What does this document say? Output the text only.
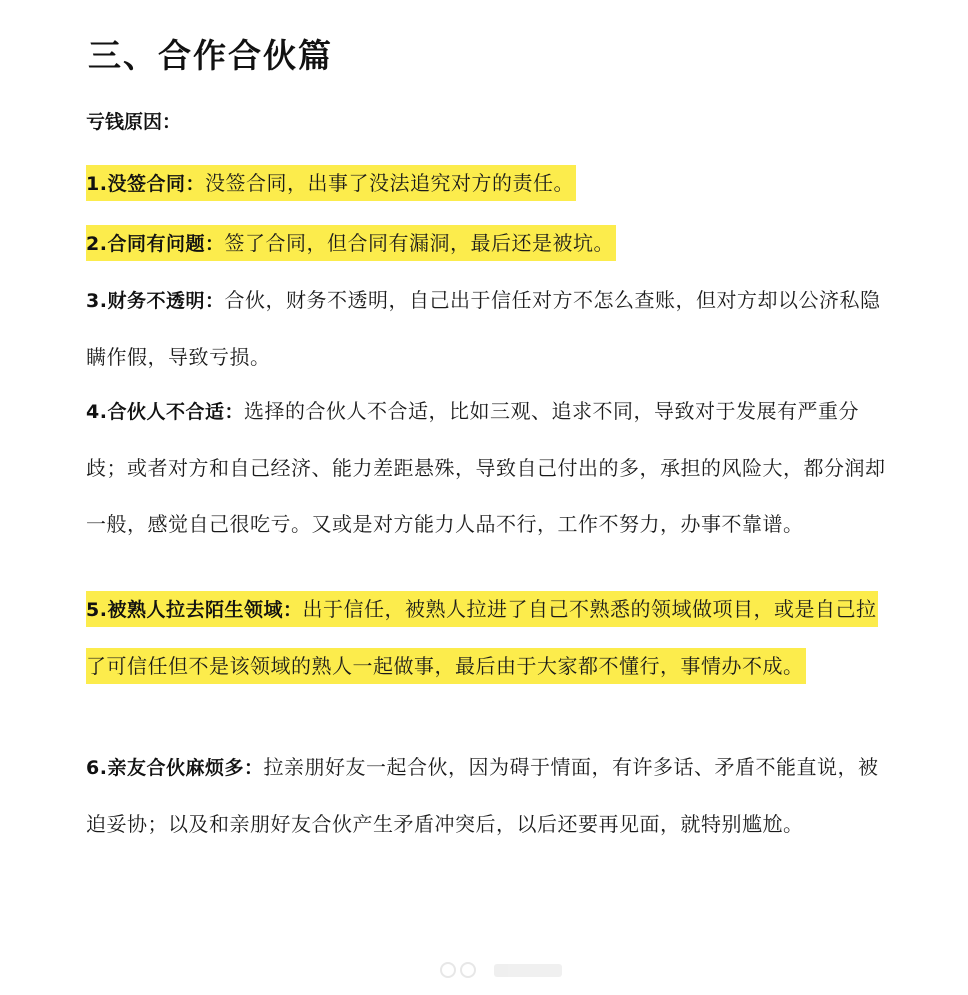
三、合作合伙篇
亏钱原因：

1.没签合同：没签合同，出事了没法追究对方的责任。

2.合同有问题：签了合同，但合同有漏洞，最后还是被坑。

3.财务不透明：合伙，财务不透明，自己出于信任对方不怎么查账，但对方却以公济私隐瞒作假，导致亏损。

4.合伙人不合适：选择的合伙人不合适，比如三观、追求不同，导致对于发展有严重分歧；或者对方和自己经济、能力差距悬殊，导致自己付出的多，承担的风险大，都分润却一般，感觉自己很吃亏。又或是对方能力人品不行，工作不努力，办事不靠谱。

5.被熟人拉去陌生领域：出于信任，被熟人拉进了自己不熟悉的领域做项目，或是自己拉了可信任但不是该领域的熟人一起做事，最后由于大家都不懂行，事情办不成。

6.亲友合伙麻烦多：拉亲朋好友一起合伙，因为碍于情面，有许多话、矛盾不能直说，被迫妥协；以及和亲朋好友合伙产生矛盾冲突后，以后还要再见面，就特别尴尬。
